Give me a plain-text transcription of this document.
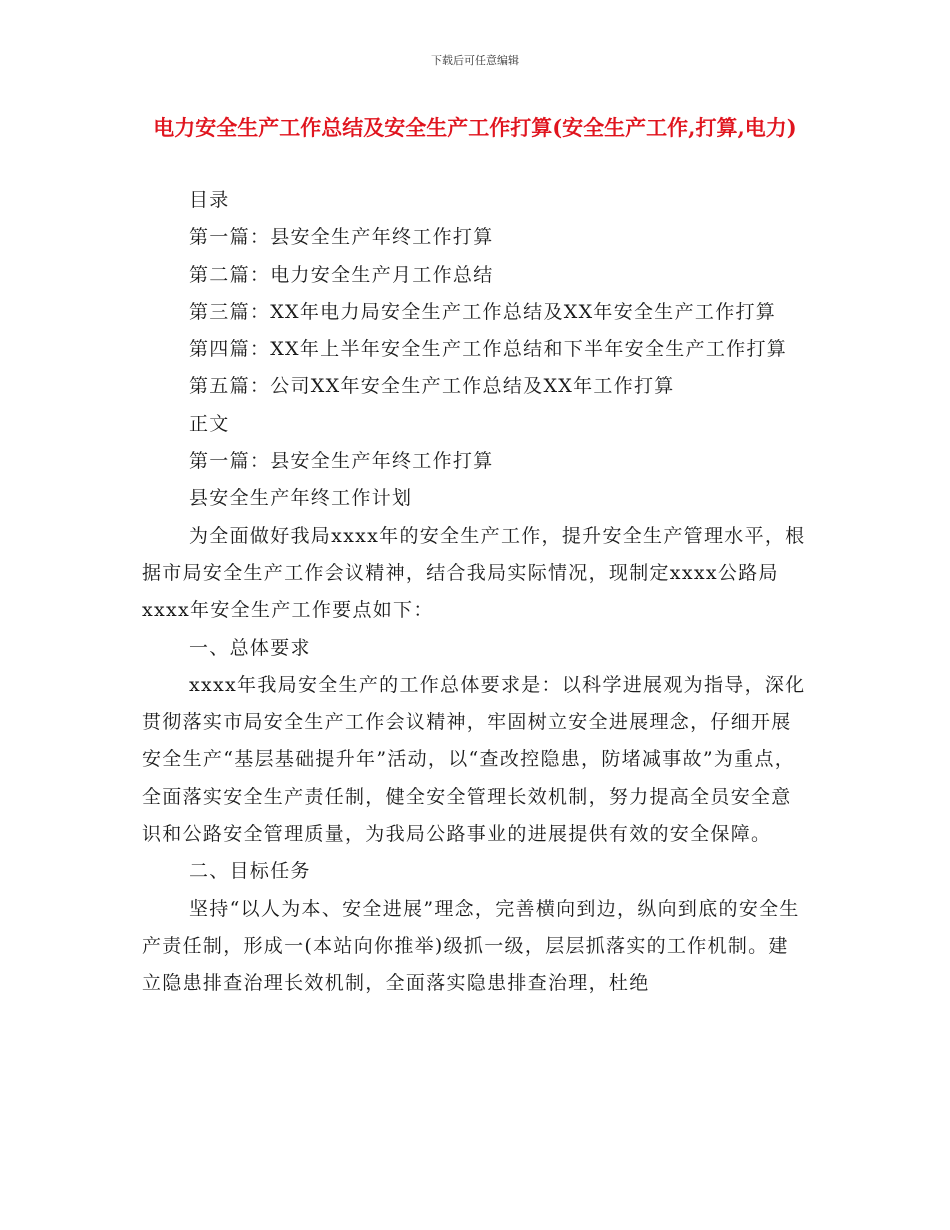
下载后可任意编辑
电力安全生产工作总结及安全生产工作打算(安全生产工作,打算,电力)

目录

第一篇：县安全生产年终工作打算

第二篇：电力安全生产月工作总结

第三篇：XX年电力局安全生产工作总结及XX年安全生产工作打算

第四篇：XX年上半年安全生产工作总结和下半年安全生产工作打算

第五篇：公司XX年安全生产工作总结及XX年工作打算

正文

第一篇：县安全生产年终工作打算

县安全生产年终工作计划

为全面做好我局xxxx年的安全生产工作，提升安全生产管理水平，根据市局安全生产工作会议精神，结合我局实际情况，现制定xxxx公路局xxxx年安全生产工作要点如下：

一、总体要求

xxxx年我局安全生产的工作总体要求是：以科学进展观为指导，深化贯彻落实市局安全生产工作会议精神，牢固树立安全进展理念，仔细开展安全生产“基层基础提升年”活动，以“查改控隐患，防堵减事故”为重点，全面落实安全生产责任制，健全安全管理长效机制，努力提高全员安全意识和公路安全管理质量，为我局公路事业的进展提供有效的安全保障。

二、目标任务

坚持“以人为本、安全进展”理念，完善横向到边，纵向到底的安全生产责任制，形成一(本站向你推举)级抓一级，层层抓落实的工作机制。建立隐患排查治理长效机制，全面落实隐患排查治理，杜绝
